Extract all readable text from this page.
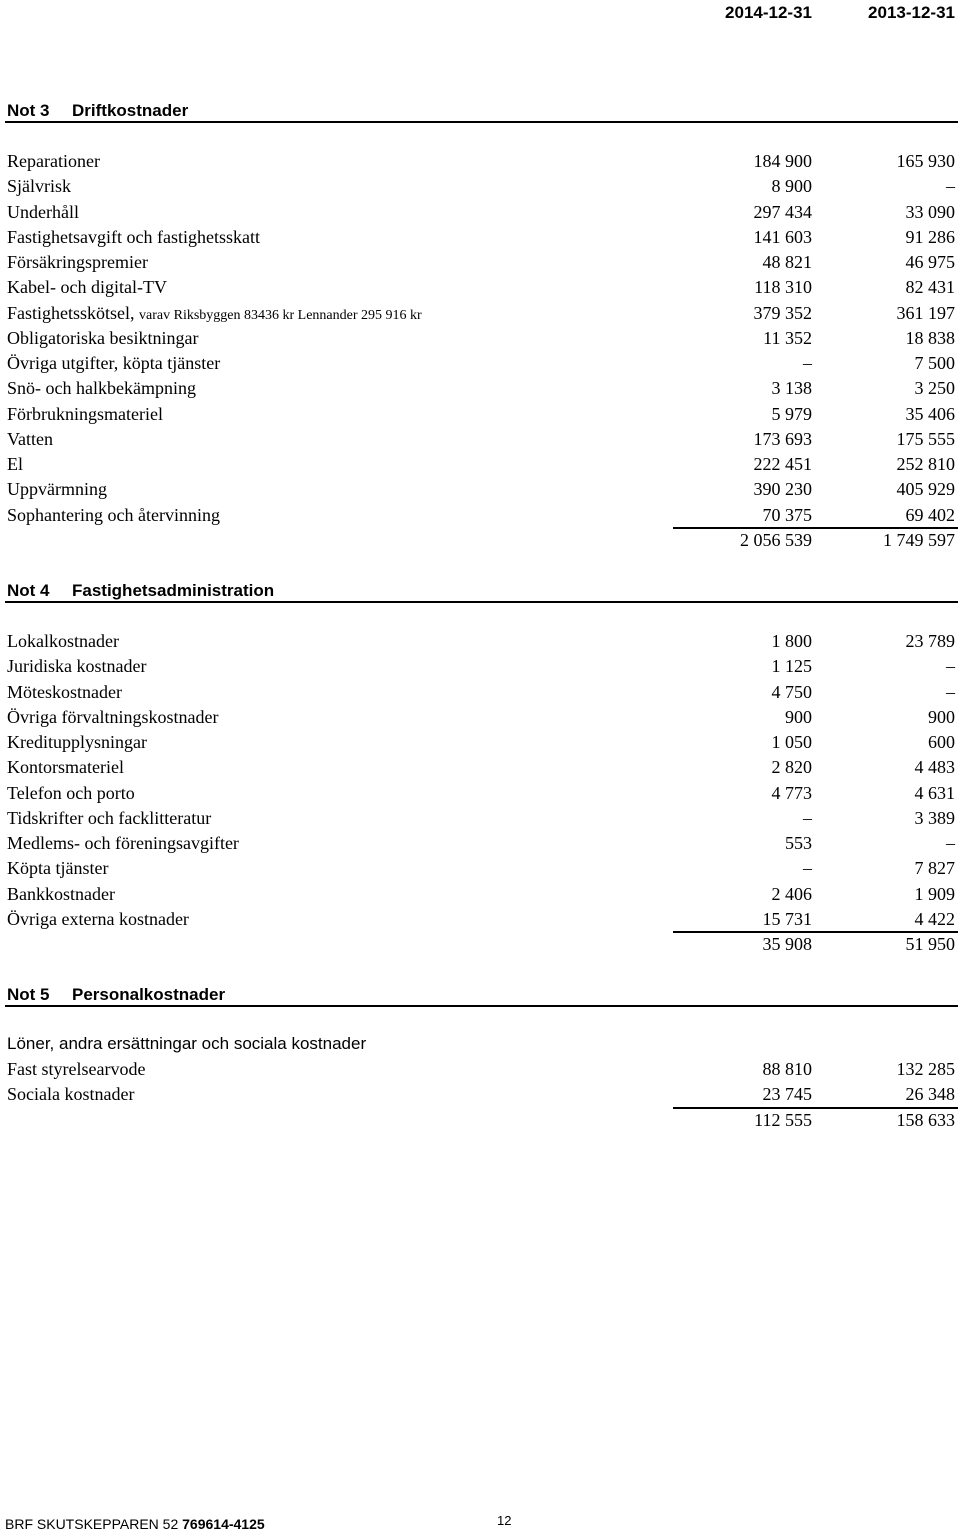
2014-12-31	2013-12-31
Not 3 Driftkostnader
Reparationer	184 900	165 930
Självrisk	8 900	–
Underhåll	297 434	33 090
Fastighetsavgift och fastighetsskatt	141 603	91 286
Försäkringspremier	48 821	46 975
Kabel- och digital-TV	118 310	82 431
Fastighetsskötsel, varav Riksbyggen 83436 kr Lennander 295 916 kr	379 352	361 197
Obligatoriska besiktningar	11 352	18 838
Övriga utgifter, köpta tjänster	–	7 500
Snö- och halkbekämpning	3 138	3 250
Förbrukningsmateriel	5 979	35 406
Vatten	173 693	175 555
El	222 451	252 810
Uppvärmning	390 230	405 929
Sophantering och återvinning	70 375	69 402
2 056 539	1 749 597
Not 4 Fastighetsadministration
Lokalkostnader	1 800	23 789
Juridiska kostnader	1 125	–
Möteskostnader	4 750	–
Övriga förvaltningskostnader	900	900
Kreditupplysningar	1 050	600
Kontorsmateriel	2 820	4 483
Telefon och porto	4 773	4 631
Tidskrifter och facklitteratur	–	3 389
Medlems- och föreningsavgifter	553	–
Köpta tjänster	–	7 827
Bankkostnader	2 406	1 909
Övriga externa kostnader	15 731	4 422
35 908	51 950
Not 5 Personalkostnader
Löner, andra ersättningar och sociala kostnader
Fast styrelsearvode	88 810	132 285
Sociala kostnader	23 745	26 348
112 555	158 633
BRF SKUTSKEPPAREN 52 769614-4125	12
